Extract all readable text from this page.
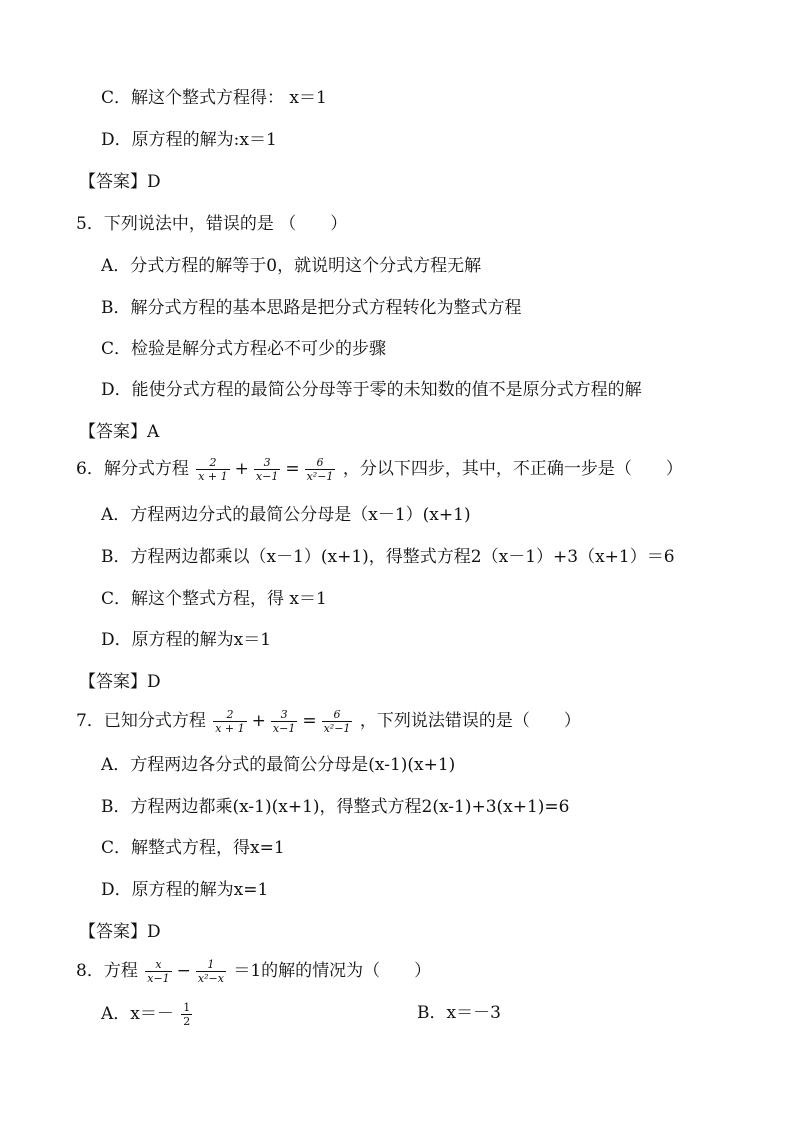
C．解这个整式方程得： x＝1
D．原方程的解为:x＝1
【答案】D
5．下列说法中，错误的是 （　　）
A．分式方程的解等于0，就说明这个分式方程无解
B．解分式方程的基本思路是把分式方程转化为整式方程
C．检验是解分式方程必不可少的步骤
D．能使分式方程的最简公分母等于零的未知数的值不是原分式方程的解
【答案】A
6．解分式方程 $\frac{2}{x + 1} + \frac{3}{x-1} = \frac{6}{\text{x²−1}}$ ，分以下四步，其中，不正确一步是（　　）
A．方程两边分式的最简公分母是（x－1）(x+1)
B．方程两边都乘以（x－1）(x+1)，得整式方程2（x－1）+3（x+1）＝6
C．解这个整式方程，得 x＝1
D．原方程的解为x＝1
【答案】D
7．已知分式方程 $\frac{2}{x + 1} + \frac{3}{x-1} = \frac{6}{\text{x²−1}}$ ，下列说法错误的是（　　）
A．方程两边各分式的最简公分母是(x-1)(x+1)
B．方程两边都乘(x-1)(x+1)，得整式方程2(x-1)+3(x+1)=6
C．解整式方程，得x=1
D．原方程的解为x=1
【答案】D
8．方程 $\frac{x}{x-1} - \frac{1}{\text{x²−x}} =1$的解的情况为（　　）
A．$x=- \frac{1}{2}$	B．x＝－3
